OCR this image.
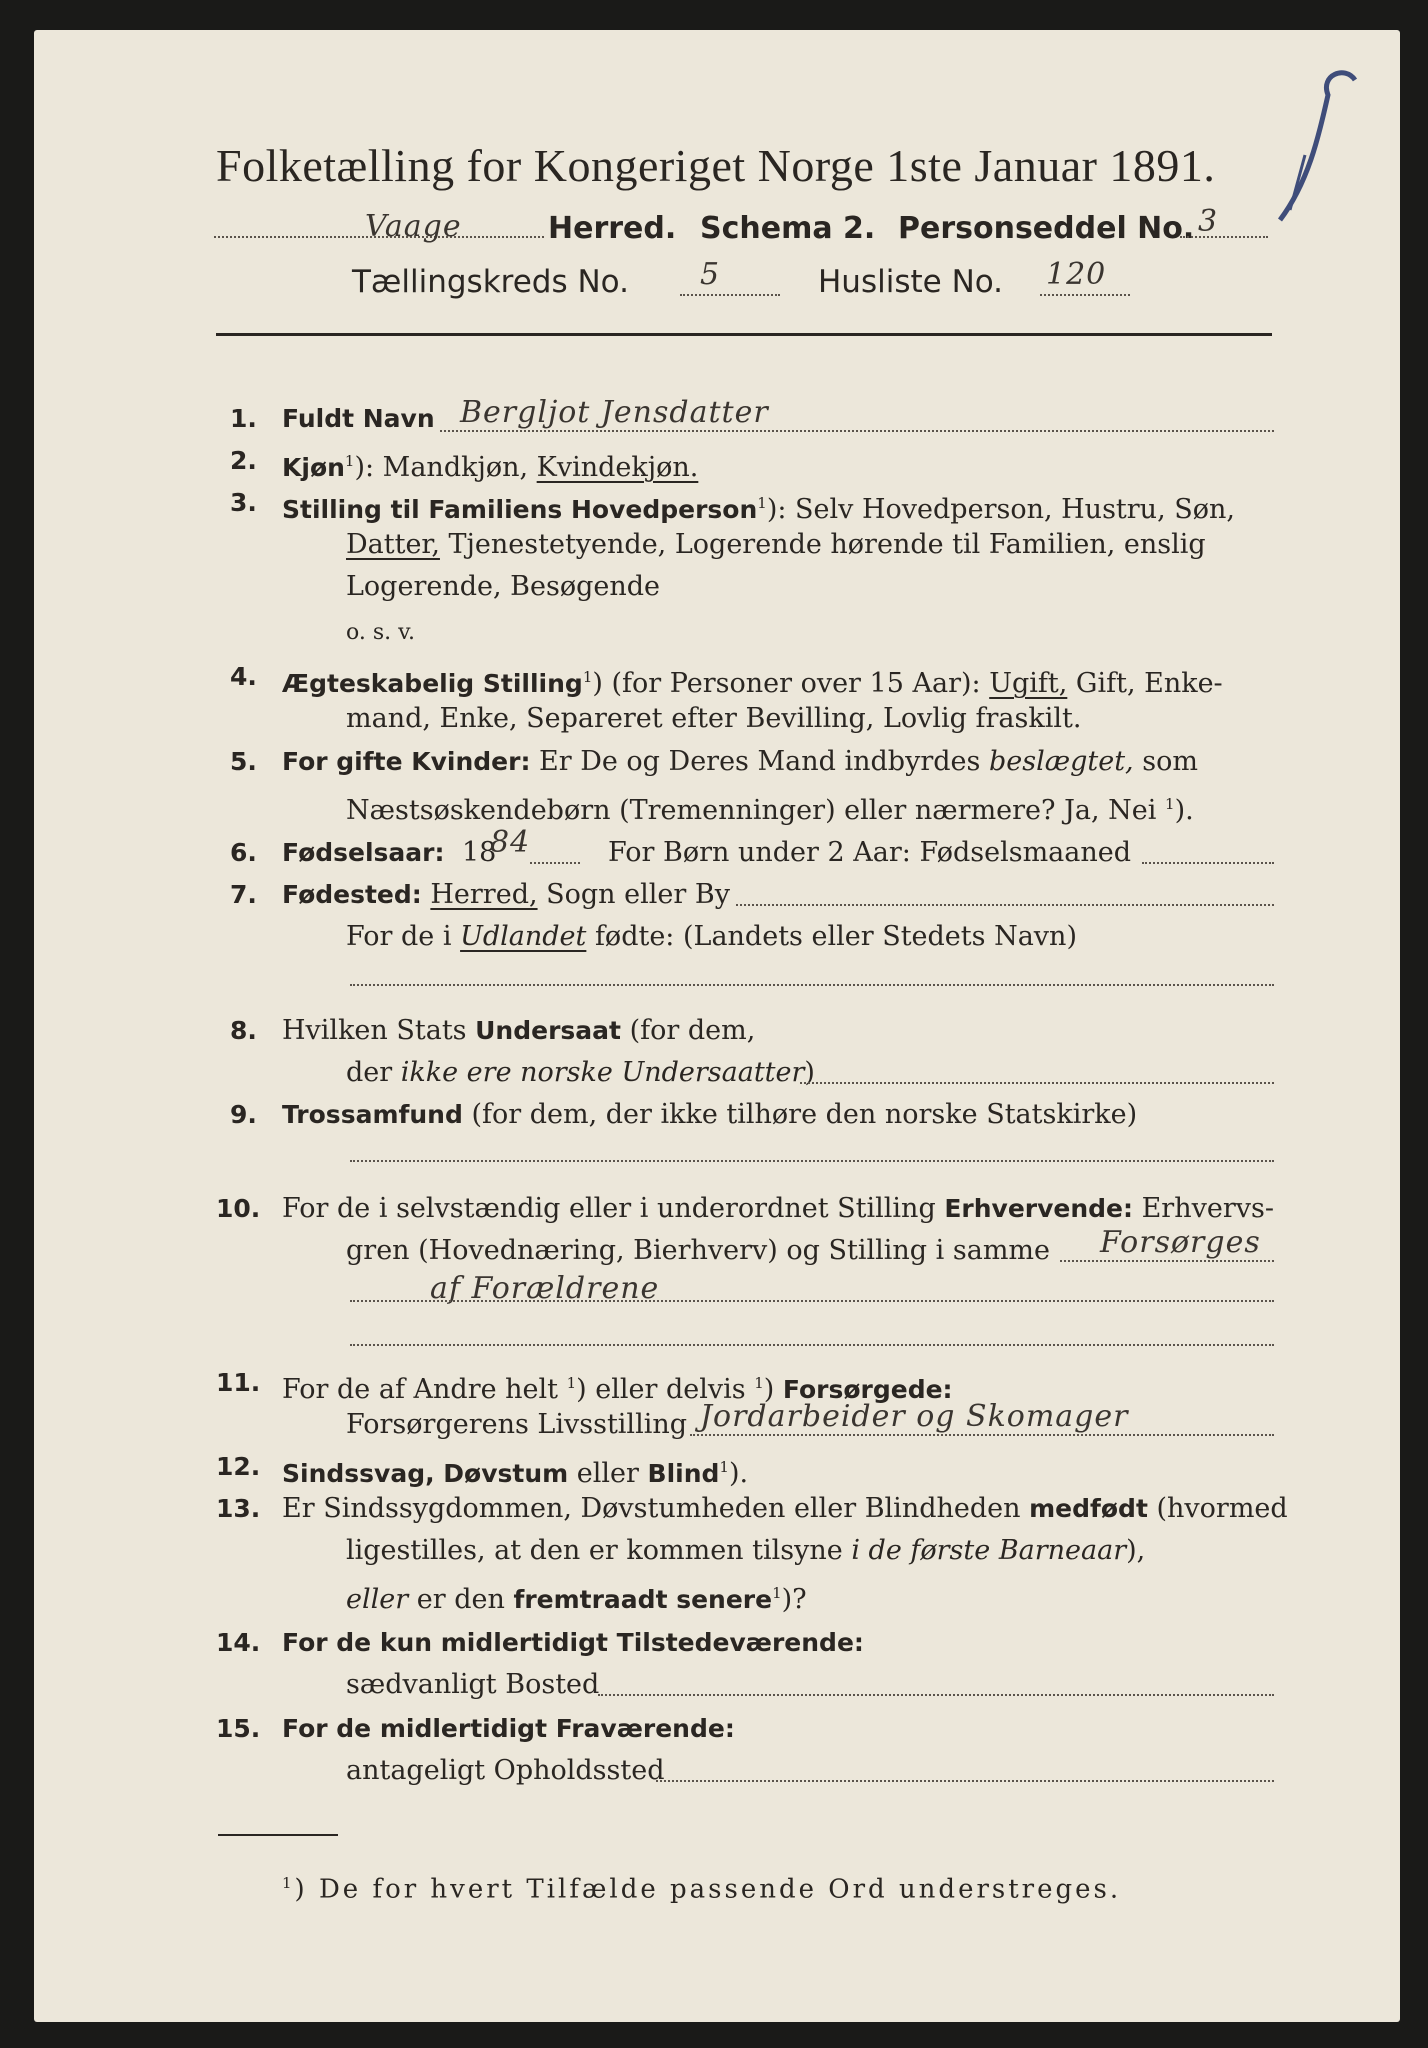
Folketælling for Kongeriget Norge 1ste Januar 1891.
Vaage	Herred. Schema 2. Personseddel No. 3
Tællingskreds No. 5	Husliste No. 120
1. Fuldt Navn Bergljot Jensdatter
2. Kjøn$^1$): Mandkjøn, Kvindekjøn.
3. Stilling til Familiens Hovedperson$^1$): Selv Hovedperson, Hustru, Søn,
Datter, Tjenestetyende, Logerende hørende til Familien, enslig
Logerende, Besøgende
o. s. v.
4. Ægteskabelig Stilling$^1$) (for Personer over 15 Aar): Ugift, Gift, Enke-
mand, Enke, Separeret efter Bevilling, Lovlig fraskilt.
5. For gifte Kvinder: Er De og Deres Mand indbyrdes beslægtet, som
Næstsøskendebørn (Tremenninger) eller nærmere? Ja, Nei $^1$).
6. Fødselsaar: 18
84	For Børn under 2 Aar: Fødselsmaaned
7. Fødested: Herred, Sogn eller By
For de i Udlandet fødte: (Landets eller Stedets Navn)
8. Hvilken Stats Undersaat (for dem,
der ikke ere norske Undersaatter)
9. Trossamfund (for dem, der ikke tilhøre den norske Statskirke)
10. For de i selvstændig eller i underordnet Stilling Erhvervende: Erhvervs-
gren (Hovednæring, Bierhverv) og Stilling i samme Forsørges
af Forældrene
11. For de af Andre helt $^1$) eller delvis $^1$) Forsørgede:
Forsørgerens Livsstilling Jordarbeider og Skomager
12. Sindssvag, Døvstum eller Blind$^1$).
13. Er Sindssygdommen, Døvstumheden eller Blindheden medfødt (hvormed
ligestilles, at den er kommen tilsyne i de første Barneaar),
eller er den fremtraadt senere$^1$)?
14. For de kun midlertidigt Tilstedeværende:
sædvanligt Bosted
15. For de midlertidigt Fraværende:
antageligt Opholdssted
$^1$) De for hvert Tilfælde passende Ord understreges.
